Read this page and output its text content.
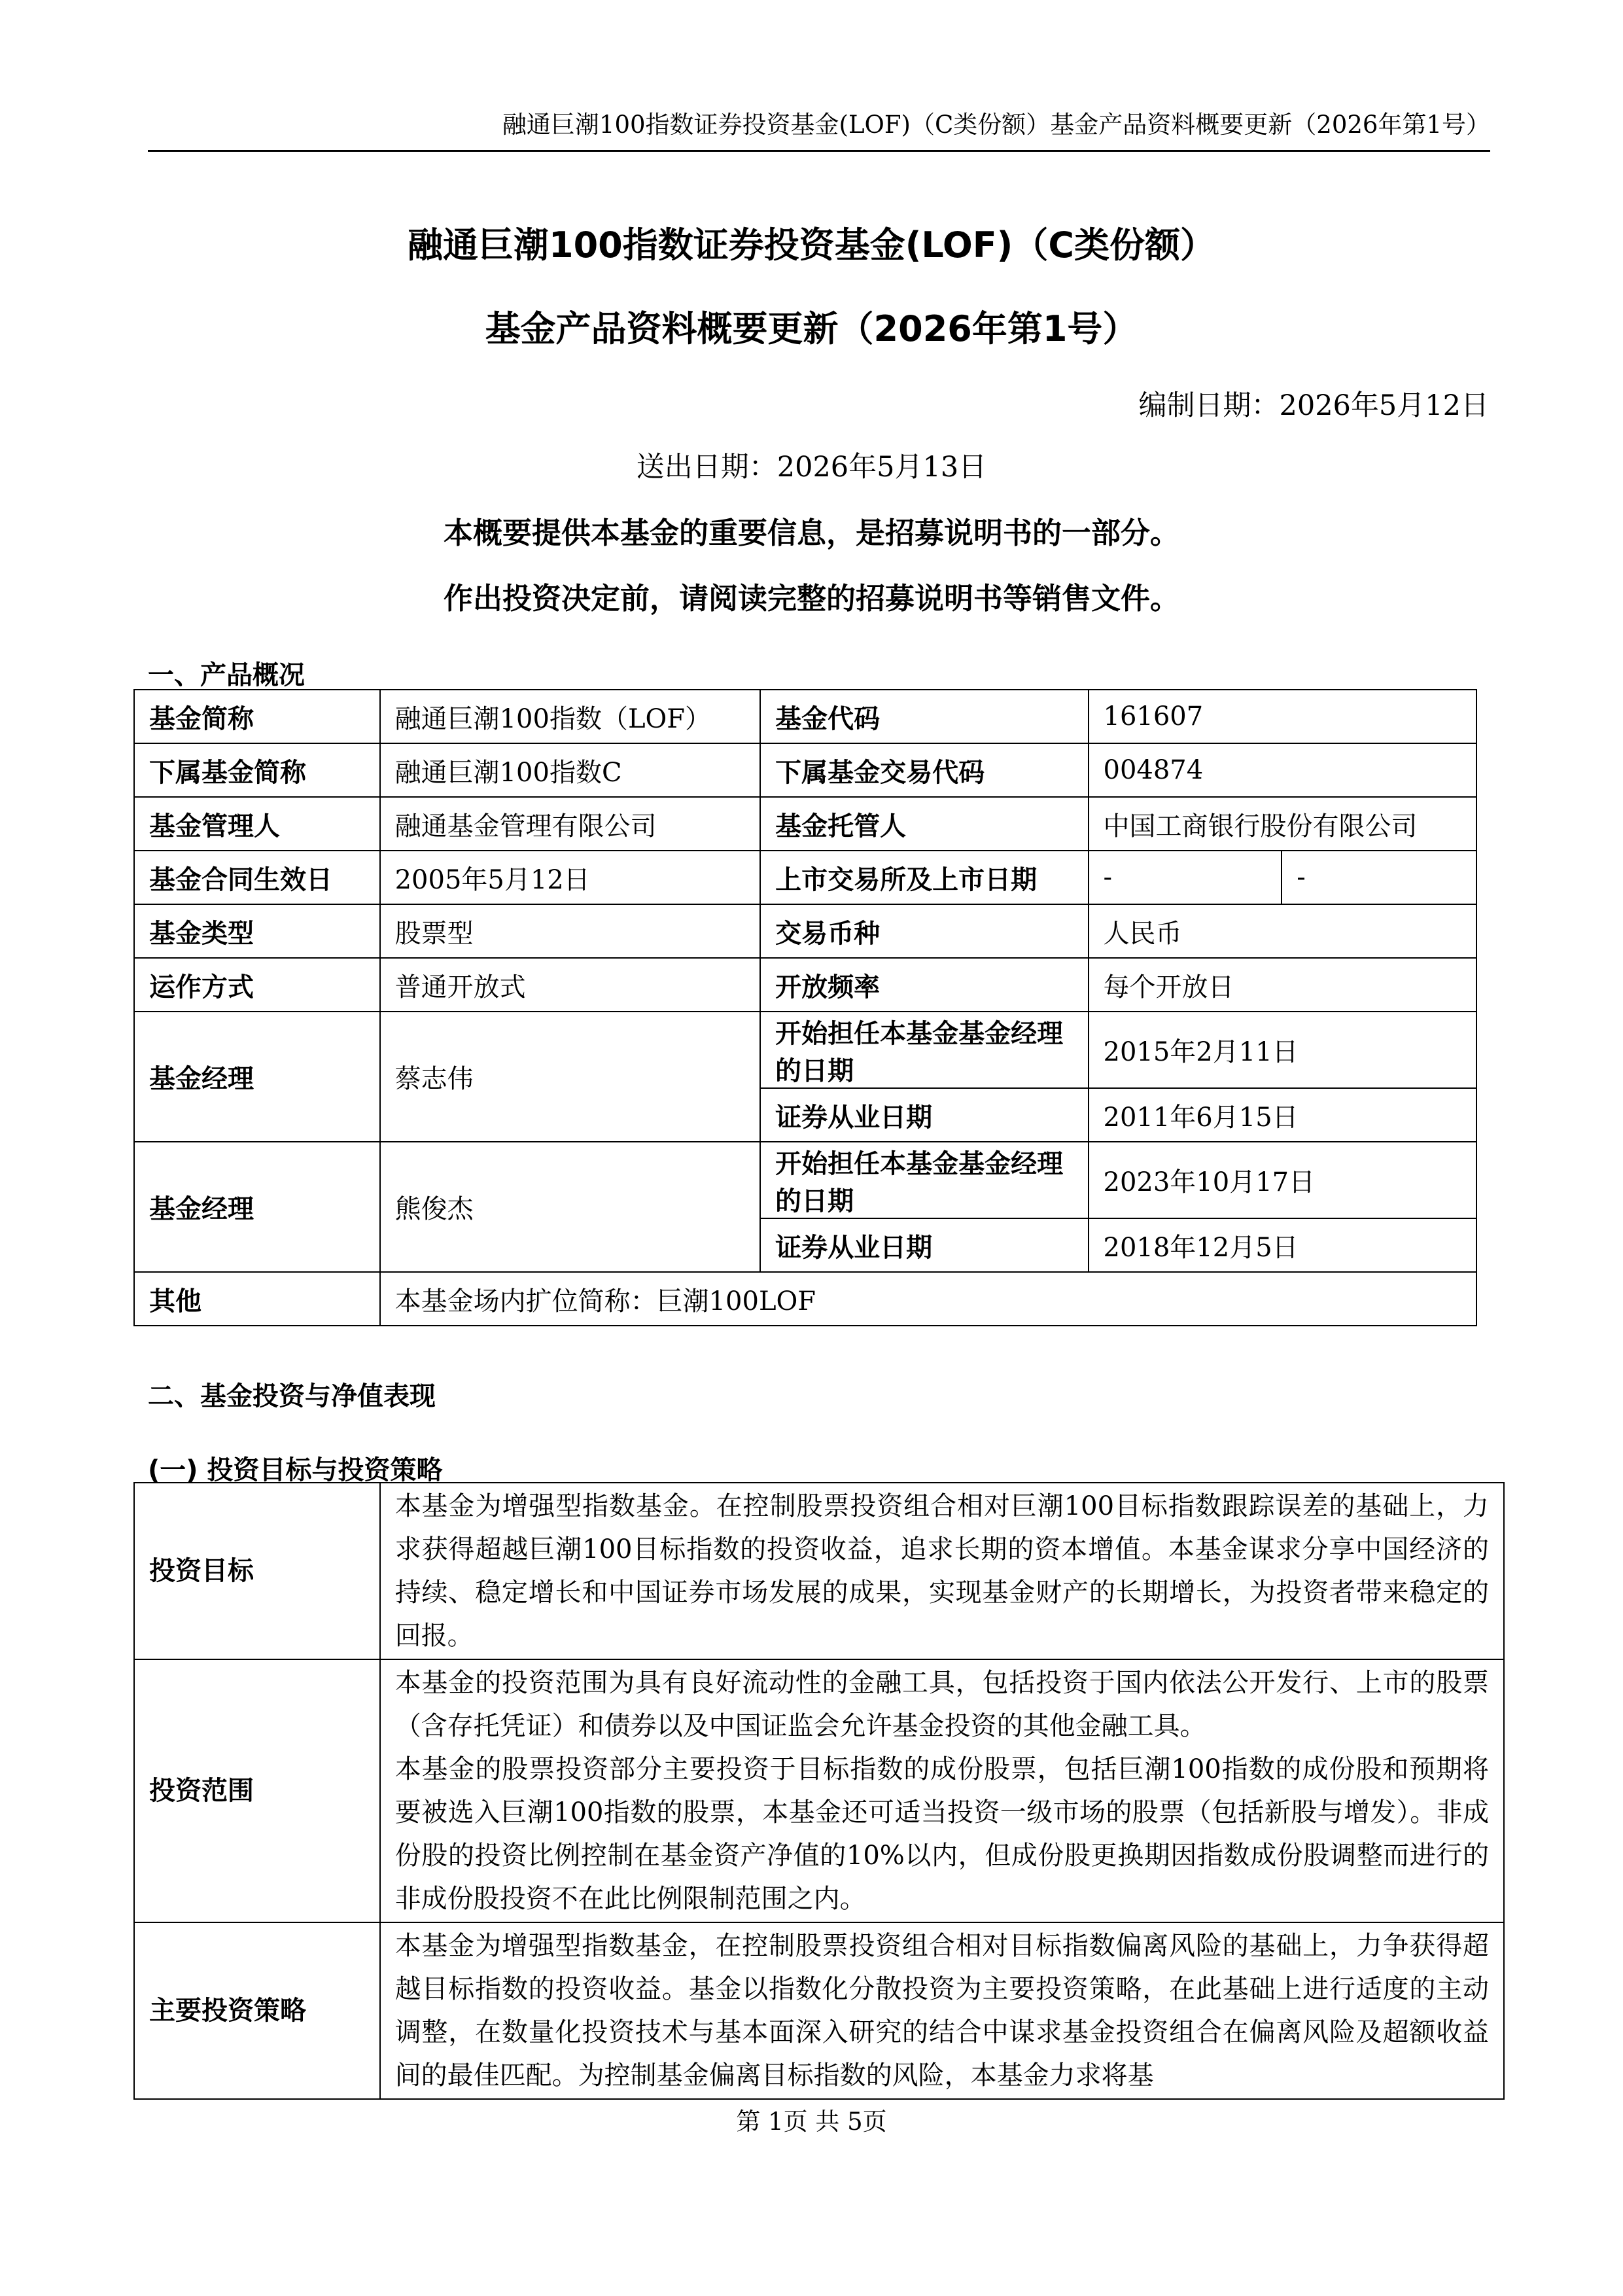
融通巨潮100指数证券投资基金(LOF)（C类份额）基金产品资料概要更新（2026年第1号）
融通巨潮100指数证券投资基金(LOF)（C类份额）
基金产品资料概要更新（2026年第1号）
编制日期：2026年5月12日
送出日期：2026年5月13日
本概要提供本基金的重要信息，是招募说明书的一部分。
作出投资决定前，请阅读完整的招募说明书等销售文件。
一、产品概况
基金简称	融通巨潮100指数（LOF）	基金代码	161607	
下属基金简称	融通巨潮100指数C	下属基金交易代码	004874	
基金管理人	融通基金管理有限公司	基金托管人	中国工商银行股份有限公司	
基金合同生效日	2005年5月12日	上市交易所及上市日期	-	-
基金类型	股票型	交易币种	人民币	
运作方式	普通开放式	开放频率	每个开放日	
基金经理	蔡志伟	开始担任本基金基金经理的日期	2015年2月11日	
		证券从业日期	2011年6月15日	
基金经理	熊俊杰	开始担任本基金基金经理的日期	2023年10月17日	
		证券从业日期	2018年12月5日	
其他	本基金场内扩位简称：巨潮100LOF			
二、基金投资与净值表现
(一) 投资目标与投资策略
投资目标	本基金为增强型指数基金。在控制股票投资组合相对巨潮100目标指数跟踪误差的基础上，力求获得超越巨潮100目标指数的投资收益，追求长期的资本增值。本基金谋求分享中国经济的持续、稳定增长和中国证券市场发展的成果，实现基金财产的长期增长，为投资者带来稳定的回报。
投资范围	本基金的投资范围为具有良好流动性的金融工具，包括投资于国内依法公开发行、上市的股票（含存托凭证）和债券以及中国证监会允许基金投资的其他金融工具。
本基金的股票投资部分主要投资于目标指数的成份股票，包括巨潮100指数的成份股和预期将要被选入巨潮100指数的股票，本基金还可适当投资一级市场的股票（包括新股与增发）。非成份股的投资比例控制在基金资产净值的10%以内，但成份股更换期因指数成份股调整而进行的非成份股投资不在此比例限制范围之内。

主要投资策略	本基金为增强型指数基金，在控制股票投资组合相对目标指数偏离风险的基础上，力争获得超越目标指数的投资收益。基金以指数化分散投资为主要投资策略，在此基础上进行适度的主动调整，在数量化投资技术与基本面深入研究的结合中谋求基金投资组合在偏离风险及超额收益间的最佳匹配。为控制基金偏离目标指数的风险，本基金力求将基
第 1页 共 5页
